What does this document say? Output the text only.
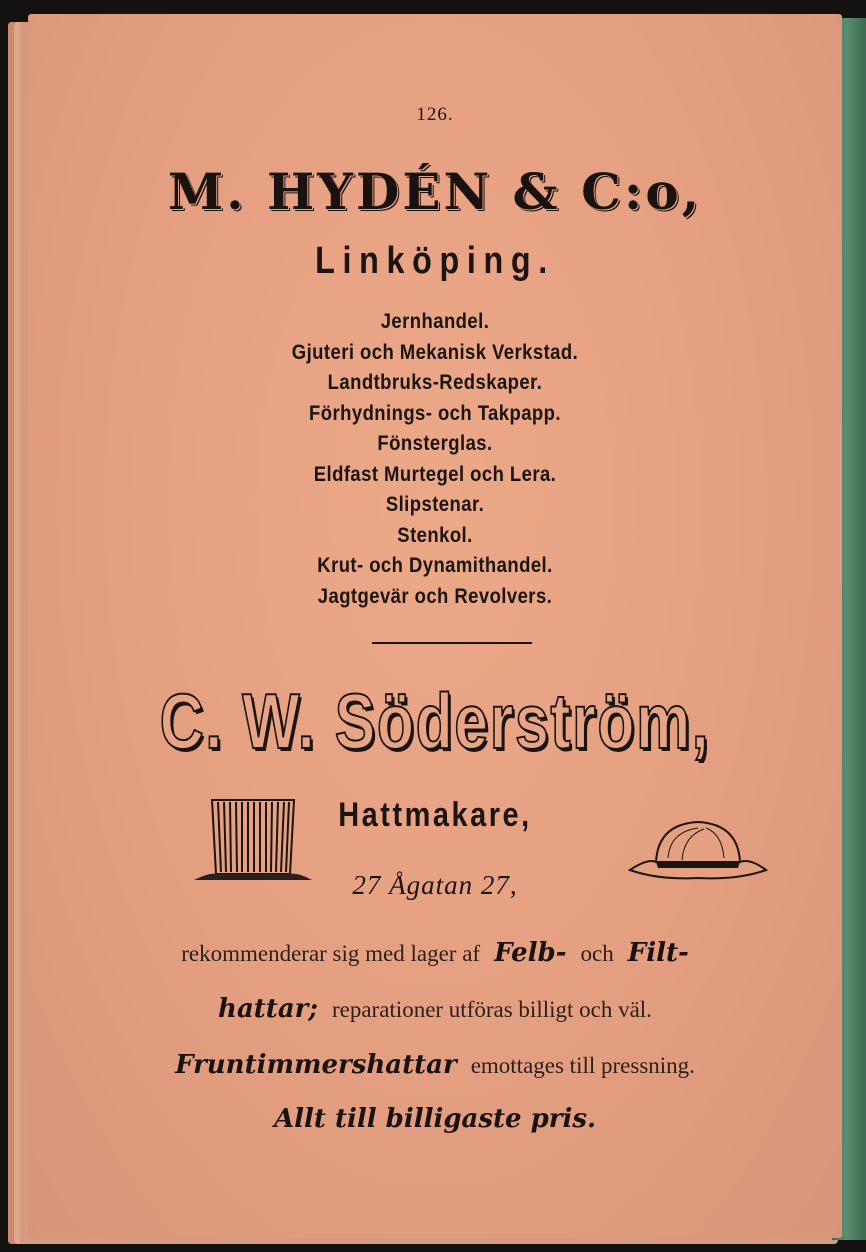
126.
M. HYDÉN & C:o,
Linköping.
Jernhandel.
Gjuteri och Mekanisk Verkstad.
Landtbruks-Redskaper.
Förhydnings- och Takpapp.
Fönsterglas.
Eldfast Murtegel och Lera.
Slipstenar.
Stenkol.
Krut- och Dynamithandel.
Jagtgevär och Revolvers.
C. W. Söderström,
Hattmakare,
27 Ågatan 27,
rekommenderar sig med lager af Felb- och Filt-
hattar; reparationer utföras billigt och väl.
Fruntimmershattar emottages till pressning.
Allt till billigaste pris.
